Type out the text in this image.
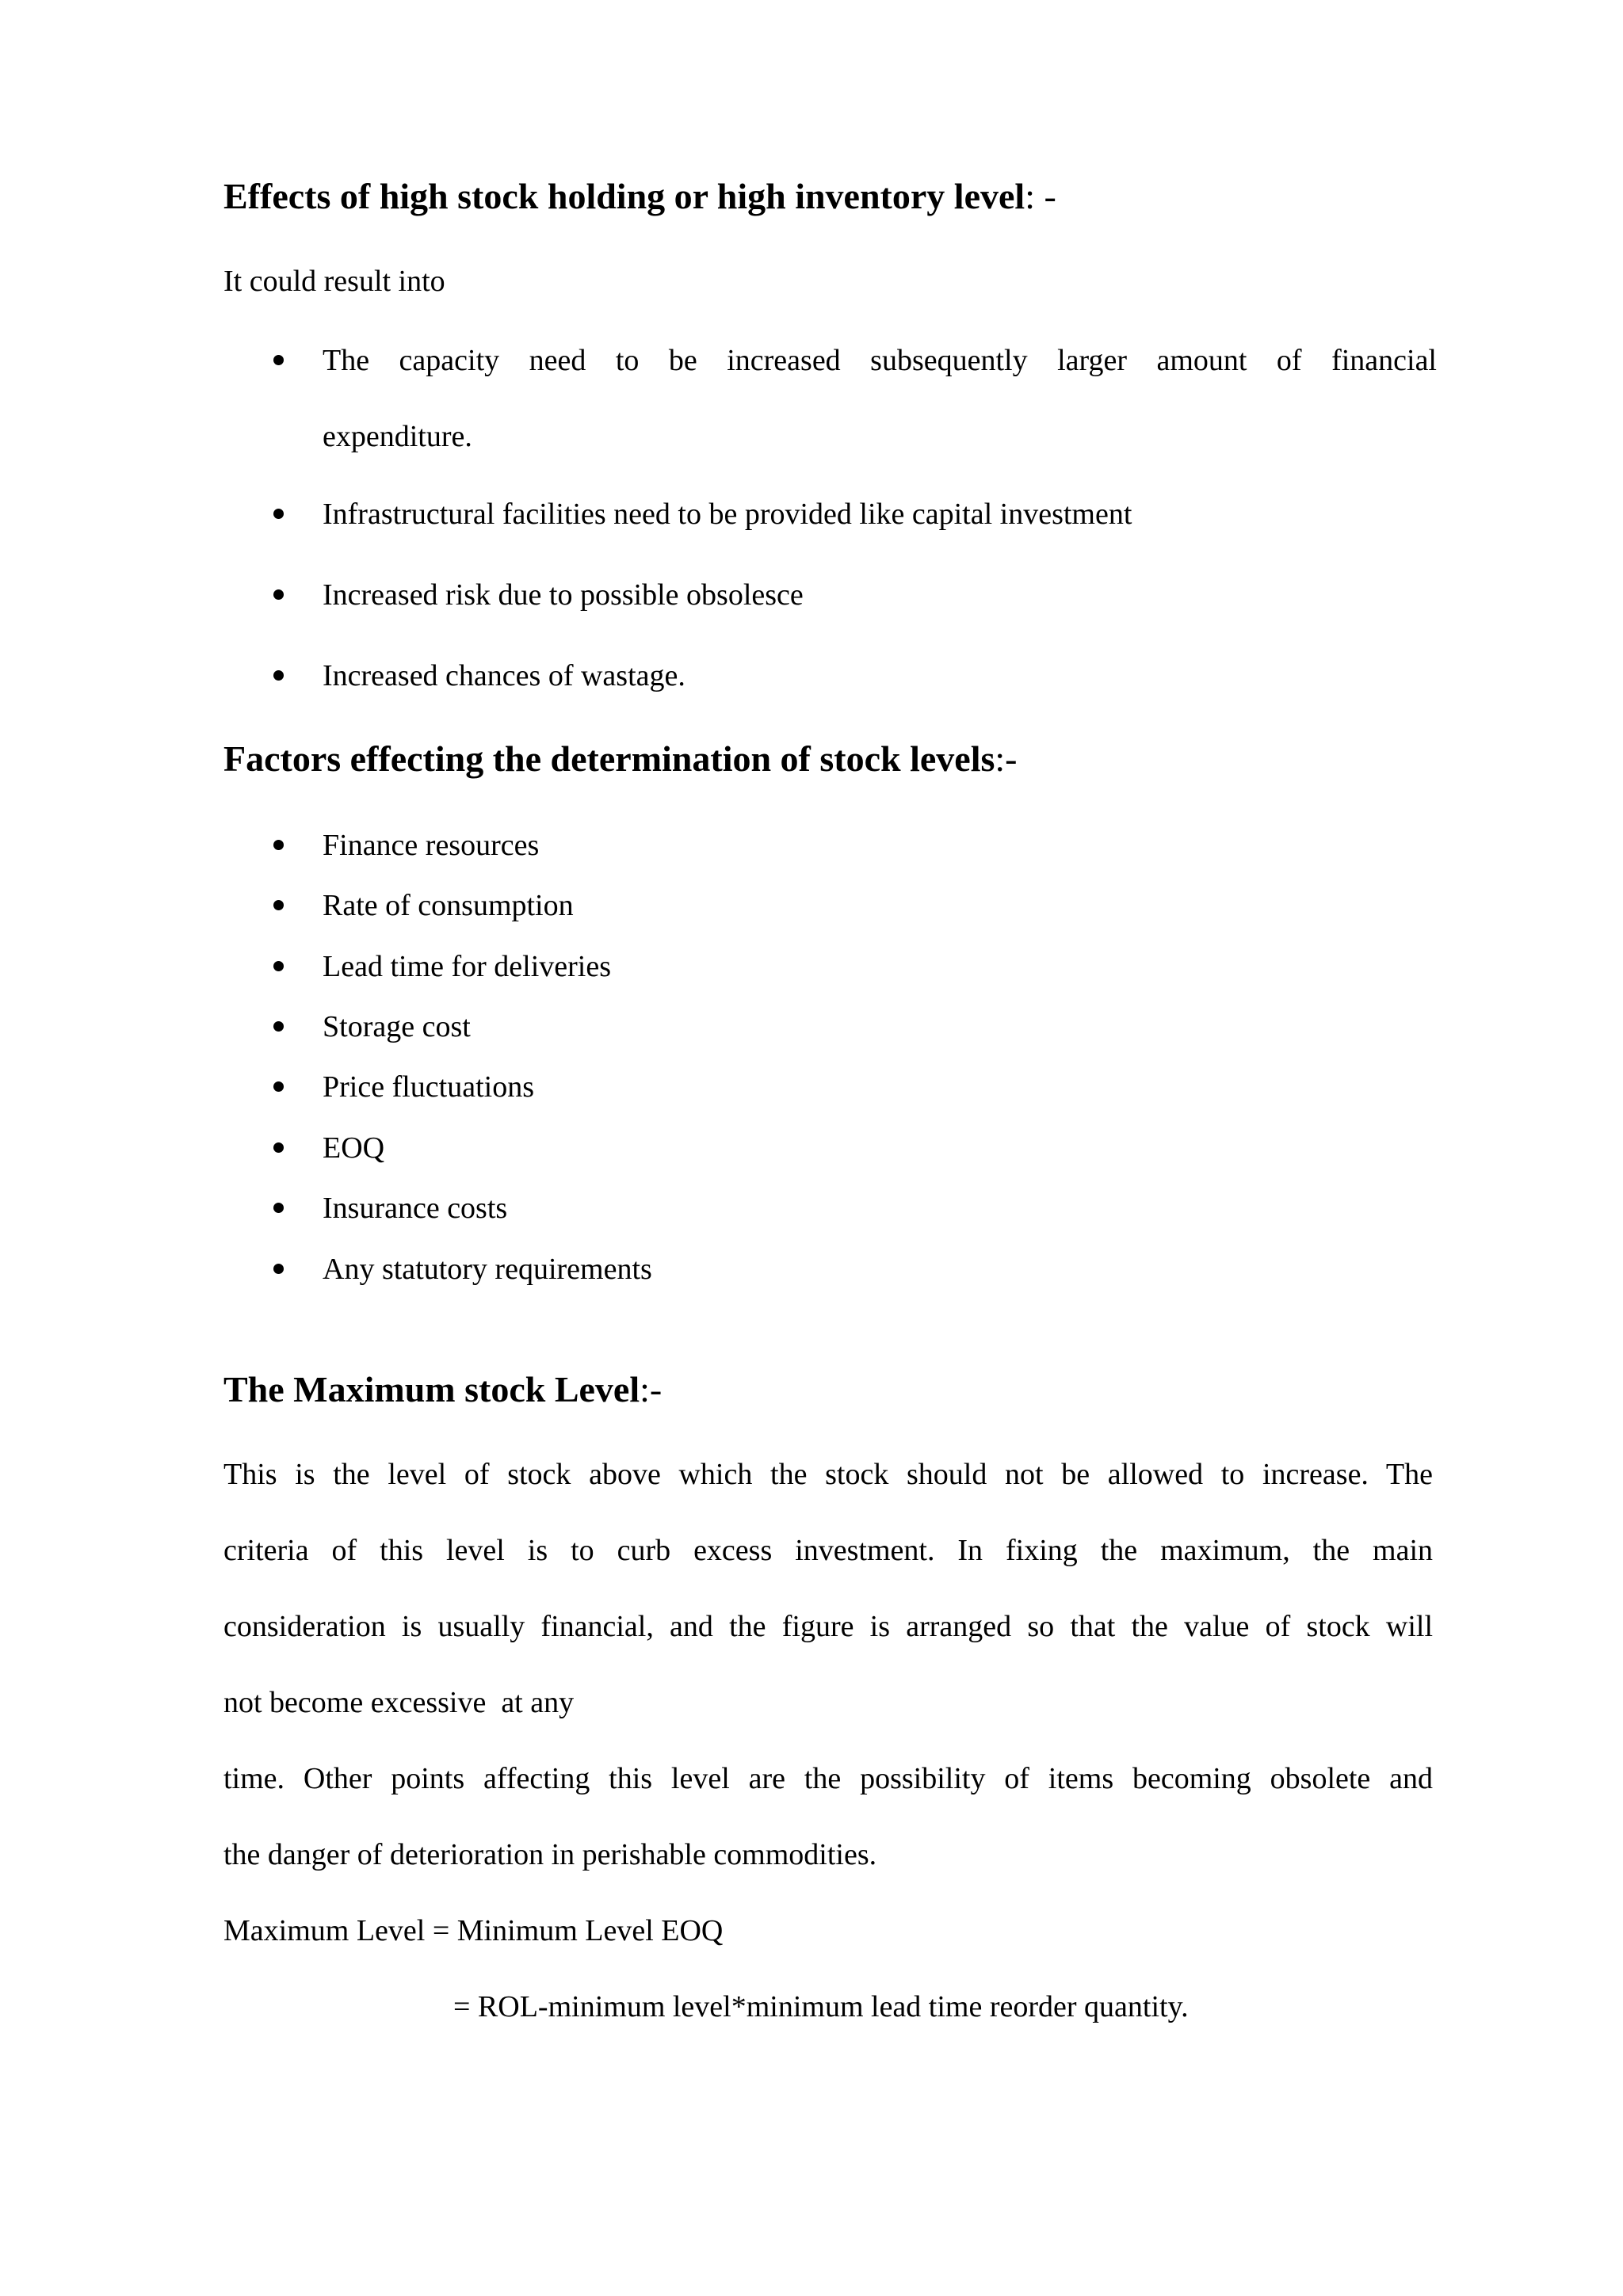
Effects of high stock holding or high inventory level: -
It could result into
The capacity need to be increased subsequently larger amount of financial
expenditure.
Infrastructural facilities need to be provided like capital investment
Increased risk due to possible obsolesce
Increased chances of wastage.
Factors effecting the determination of stock levels:-
Finance resources
Rate of consumption
Lead time for deliveries
Storage cost
Price fluctuations
EOQ
Insurance costs
Any statutory requirements
The Maximum stock Level:-
This is the level of stock above which the stock should not be allowed to increase. The
criteria of this level is to curb excess investment. In fixing the maximum, the main
consideration is usually financial, and the figure is arranged so that the value of stock will
not become excessive  at any
time. Other points affecting this level are the possibility of items becoming obsolete and
the danger of deterioration in perishable commodities.
Maximum Level = Minimum Level EOQ
= ROL-minimum level*minimum lead time reorder quantity.
